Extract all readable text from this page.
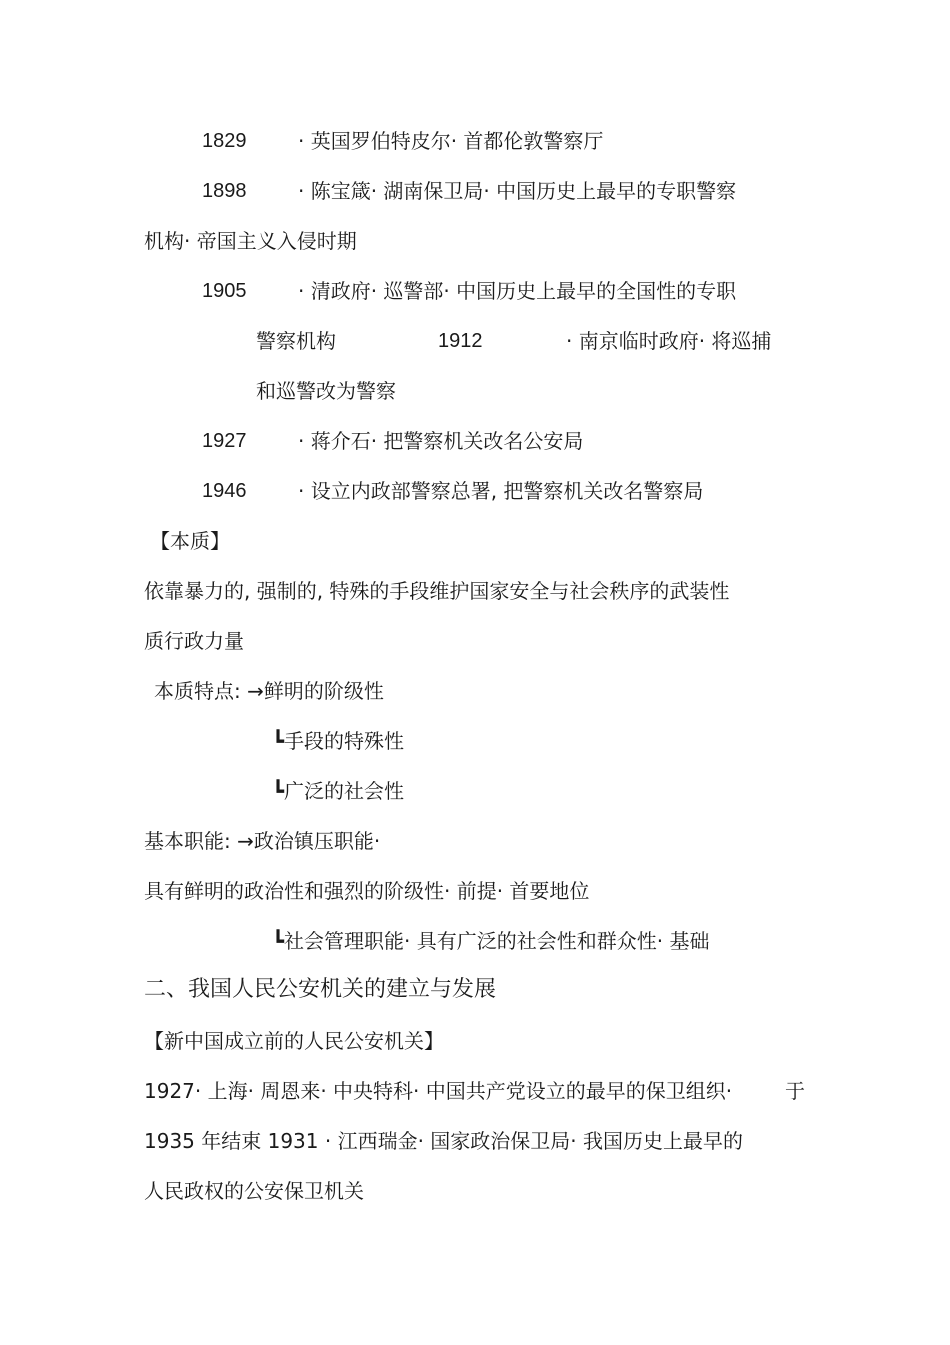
1829	· 英国罗伯特皮尔· 首都伦敦警察厅
1898	· 陈宝箴· 湖南保卫局· 中国历史上最早的专职警察
机构· 帝国主义入侵时期
1905	· 清政府· 巡警部· 中国历史上最早的全国性的专职
警察机构	1912	· 南京临时政府· 将巡捕
和巡警改为警察
1927	· 蒋介石· 把警察机关改名公安局
1946	· 设立内政部警察总署, 把警察机关改名警察局
【本质】
依靠暴力的, 强制的, 特殊的手段维护国家安全与社会秩序的武装性
质行政力量
本质特点: →鲜明的阶级性
┗手段的特殊性
┗广泛的社会性
基本职能: →政治镇压职能·
具有鲜明的政治性和强烈的阶级性· 前提· 首要地位
┗社会管理职能· 具有广泛的社会性和群众性· 基础
二、我国人民公安机关的建立与发展
【新中国成立前的人民公安机关】
1927· 上海· 周恩来· 中央特科· 中国共产党设立的最早的保卫组织·	于
1935 年结束 1931 · 江西瑞金· 国家政治保卫局· 我国历史上最早的
人民政权的公安保卫机关
